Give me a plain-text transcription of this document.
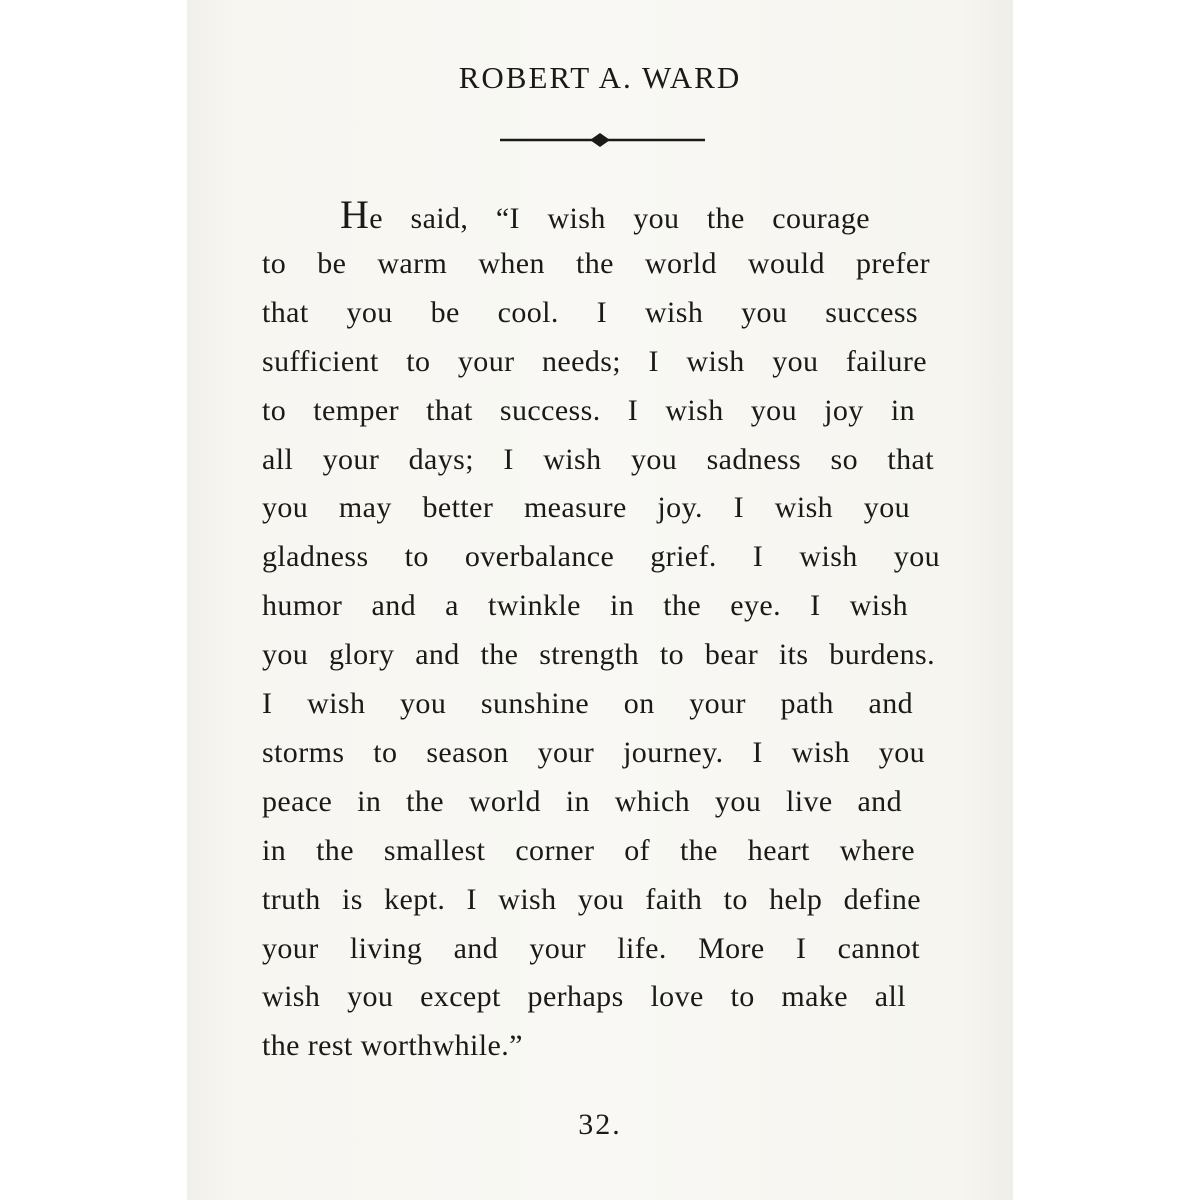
ROBERT A. WARD
He said, “I wish you the courage
to be warm when the world would prefer
that you be cool. I wish you success
sufficient to your needs; I wish you failure
to temper that success. I wish you joy in
all your days; I wish you sadness so that
you may better measure joy. I wish you
gladness to overbalance grief. I wish you
humor and a twinkle in the eye. I wish
you glory and the strength to bear its burdens.
I wish you sunshine on your path and
storms to season your journey. I wish you
peace in the world in which you live and
in the smallest corner of the heart where
truth is kept. I wish you faith to help define
your living and your life. More I cannot
wish you except perhaps love to make all
the rest worthwhile.”
32.
